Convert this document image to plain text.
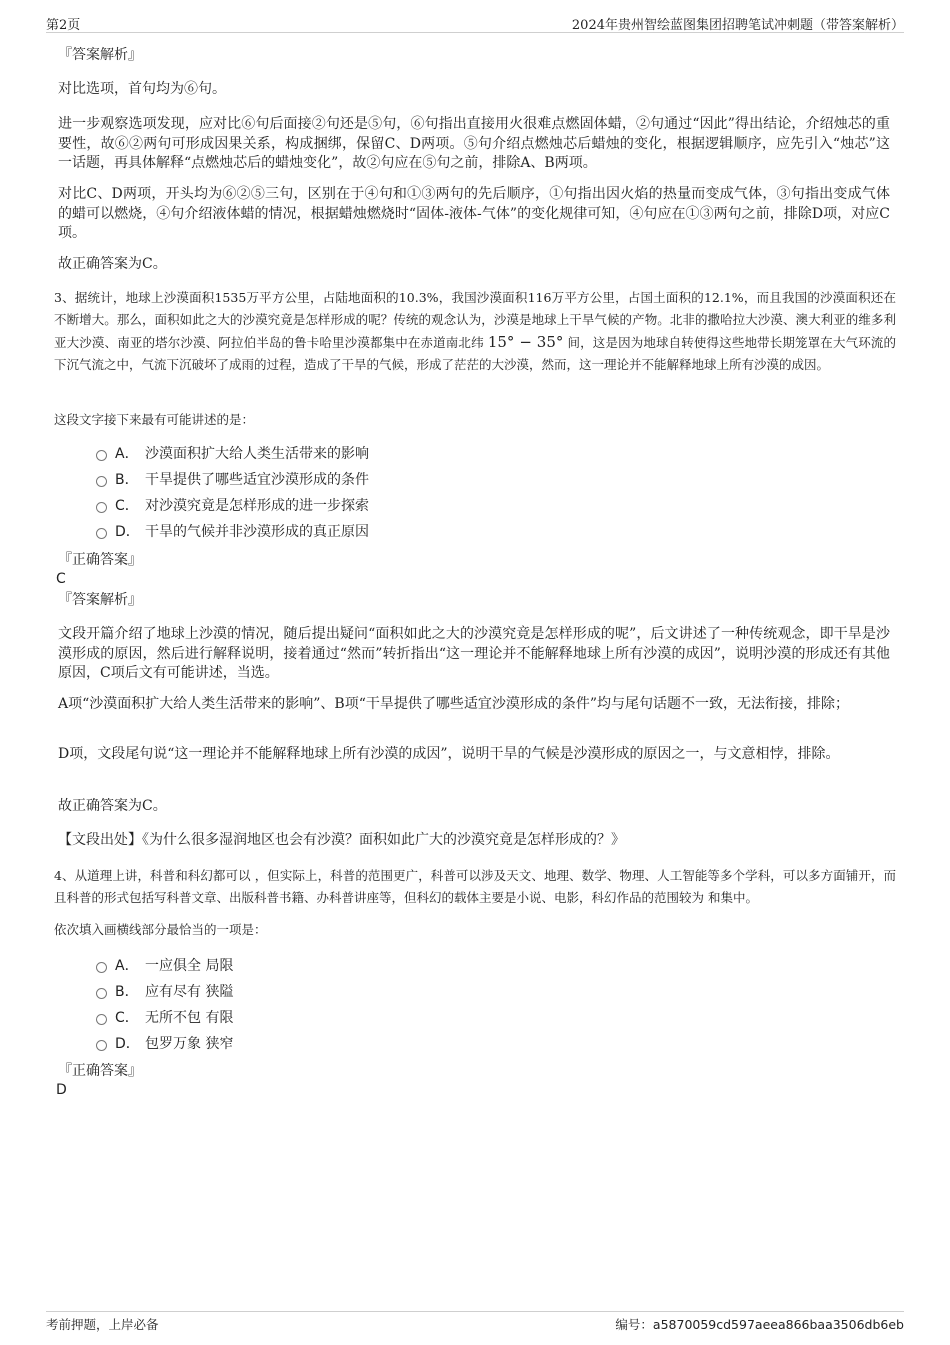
第2页	2024年贵州智绘蓝图集团招聘笔试冲刺题（带答案解析）
『答案解析』
对比选项，首句均为⑥句。
进一步观察选项发现，应对比⑥句后面接②句还是⑤句，⑥句指出直接用火很难点燃固体蜡，②句通过“因此”得出结论，介绍烛芯的重要性，故⑥②两句可形成因果关系，构成捆绑，保留C、D两项。⑤句介绍点燃烛芯后蜡烛的变化，根据逻辑顺序，应先引入“烛芯”这一话题，再具体解释“点燃烛芯后的蜡烛变化”，故②句应在⑤句之前，排除A、B两项。
对比C、D两项，开头均为⑥②⑤三句，区别在于④句和①③两句的先后顺序，①句指出因火焰的热量而变成气体，③句指出变成气体的蜡可以燃烧，④句介绍液体蜡的情况，根据蜡烛燃烧时“固体-液体-气体”的变化规律可知，④句应在①③两句之前，排除D项，对应C项。
故正确答案为C。
3、据统计，地球上沙漠面积1535万平方公里，占陆地面积的10.3%，我国沙漠面积116万平方公里，占国土面积的12.1%，而且我国的沙漠面积还在不断增大。那么，面积如此之大的沙漠究竟是怎样形成的呢？传统的观念认为，沙漠是地球上干旱气候的产物。北非的撒哈拉大沙漠、澳大利亚的维多利亚大沙漠、南亚的塔尔沙漠、阿拉伯半岛的鲁卡哈里沙漠都集中在赤道南北纬 15° − 35° 间，这是因为地球自转使得这些地带长期笼罩在大气环流的下沉气流之中，气流下沉破坏了成雨的过程，造成了干旱的气候，形成了茫茫的大沙漠，然而，这一理论并不能解释地球上所有沙漠的成因。
这段文字接下来最有可能讲述的是：
A． 沙漠面积扩大给人类生活带来的影响
B． 干旱提供了哪些适宜沙漠形成的条件
C． 对沙漠究竟是怎样形成的进一步探索
D． 干旱的气候并非沙漠形成的真正原因
『正确答案』
C
『答案解析』
文段开篇介绍了地球上沙漠的情况，随后提出疑问“面积如此之大的沙漠究竟是怎样形成的呢”，后文讲述了一种传统观念，即干旱是沙漠形成的原因，然后进行解释说明，接着通过“然而”转折指出“这一理论并不能解释地球上所有沙漠的成因”，说明沙漠的形成还有其他原因，C项后文有可能讲述，当选。
A项“沙漠面积扩大给人类生活带来的影响”、B项“干旱提供了哪些适宜沙漠形成的条件”均与尾句话题不一致，无法衔接，排除；
D项，文段尾句说“这一理论并不能解释地球上所有沙漠的成因”，说明干旱的气候是沙漠形成的原因之一，与文意相悖，排除。
故正确答案为C。
【文段出处】《为什么很多湿润地区也会有沙漠？面积如此广大的沙漠究竟是怎样形成的？》
4、从道理上讲，科普和科幻都可以 ，但实际上，科普的范围更广，科普可以涉及天文、地理、数学、物理、人工智能等多个学科，可以多方面铺开，而且科普的形式包括写科普文章、出版科普书籍、办科普讲座等，但科幻的载体主要是小说、电影，科幻作品的范围较为 和集中。
依次填入画横线部分最恰当的一项是：
A． 一应俱全 局限
B． 应有尽有 狭隘
C． 无所不包 有限
D． 包罗万象 狭窄
『正确答案』
D
考前押题，上岸必备	编号：a5870059cd597aeea866baa3506db6eb
